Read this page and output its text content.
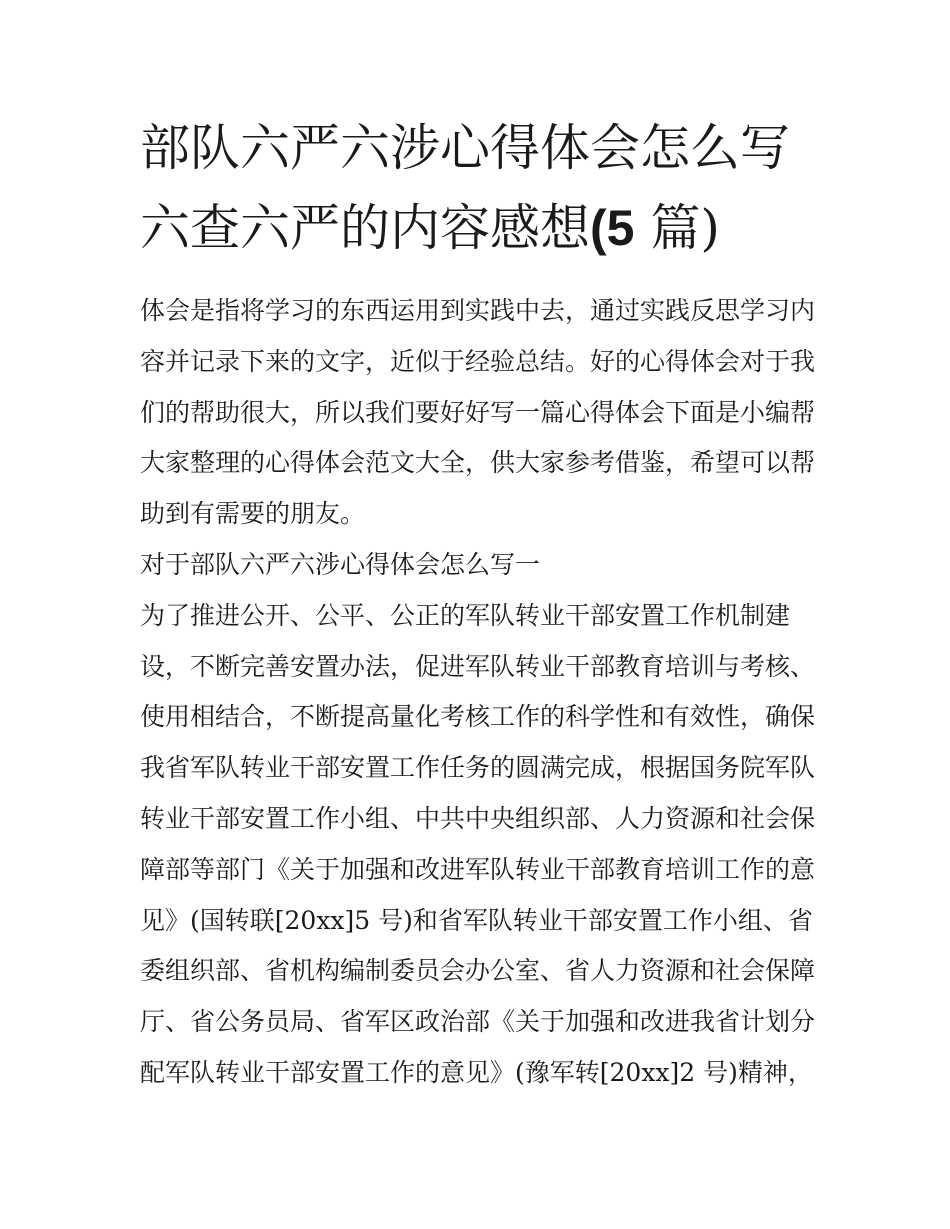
部队六严六涉心得体会怎么写
六查六严的内容感想(5 篇)
体会是指将学习的东西运用到实践中去，通过实践反思学习内
容并记录下来的文字，近似于经验总结。好的心得体会对于我
们的帮助很大，所以我们要好好写一篇心得体会下面是小编帮
大家整理的心得体会范文大全，供大家参考借鉴，希望可以帮
助到有需要的朋友。
对于部队六严六涉心得体会怎么写一
为了推进公开、公平、公正的军队转业干部安置工作机制建
设，不断完善安置办法，促进军队转业干部教育培训与考核、
使用相结合，不断提高量化考核工作的科学性和有效性，确保
我省军队转业干部安置工作任务的圆满完成，根据国务院军队
转业干部安置工作小组、中共中央组织部、人力资源和社会保
障部等部门《关于加强和改进军队转业干部教育培训工作的意
见》(国转联[20xx]5 号)和省军队转业干部安置工作小组、省
委组织部、省机构编制委员会办公室、省人力资源和社会保障
厅、省公务员局、省军区政治部《关于加强和改进我省计划分
配军队转业干部安置工作的意见》(豫军转[20xx]2 号)精神，
